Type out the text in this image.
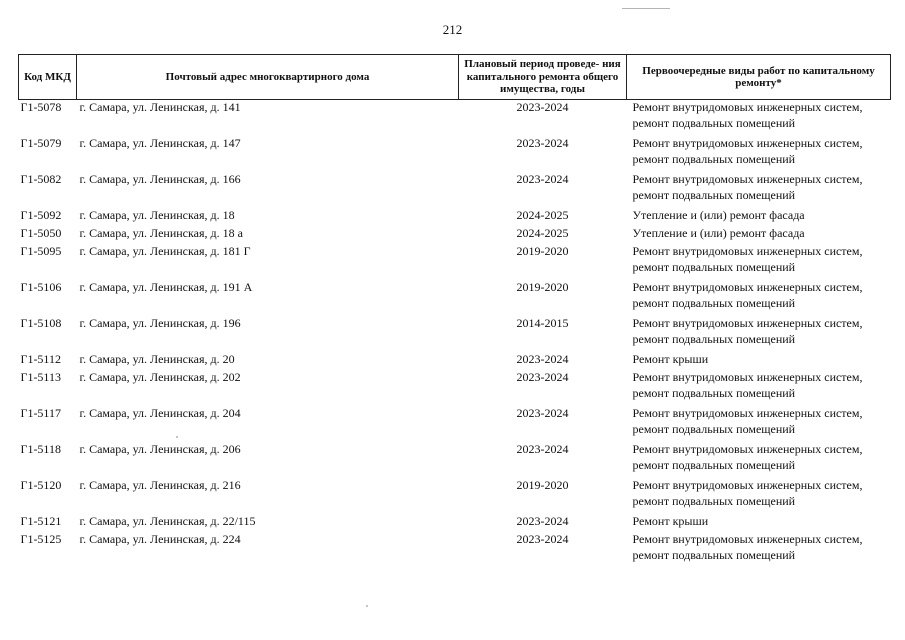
212
Код МКД	Почтовый адрес многоквартирного дома	Плановый период проведе- ния капитального ремонта общего имущества, годы	Первоочередные виды работ по капитальному ремонту*
Г1-5078	г. Самара, ул. Ленинская, д. 141	2023-2024	Ремонт внутридомовых инженерных систем, ремонт подвальных помещений
Г1-5079	г. Самара, ул. Ленинская, д. 147	2023-2024	Ремонт внутридомовых инженерных систем, ремонт подвальных помещений
Г1-5082	г. Самара, ул. Ленинская, д. 166	2023-2024	Ремонт внутридомовых инженерных систем, ремонт подвальных помещений
Г1-5092	г. Самара, ул. Ленинская, д. 18	2024-2025	Утепление и (или) ремонт фасада
Г1-5050	г. Самара, ул. Ленинская, д. 18 а	2024-2025	Утепление и (или) ремонт фасада
Г1-5095	г. Самара, ул. Ленинская, д. 181 Г	2019-2020	Ремонт внутридомовых инженерных систем, ремонт подвальных помещений
Г1-5106	г. Самара, ул. Ленинская, д. 191 А	2019-2020	Ремонт внутридомовых инженерных систем, ремонт подвальных помещений
Г1-5108	г. Самара, ул. Ленинская, д. 196	2014-2015	Ремонт внутридомовых инженерных систем, ремонт подвальных помещений
Г1-5112	г. Самара, ул. Ленинская, д. 20	2023-2024	Ремонт крыши
Г1-5113	г. Самара, ул. Ленинская, д. 202	2023-2024	Ремонт внутридомовых инженерных систем, ремонт подвальных помещений
Г1-5117	г. Самара, ул. Ленинская, д. 204	2023-2024	Ремонт внутридомовых инженерных систем, ремонт подвальных помещений
Г1-5118	г. Самара, ул. Ленинская, д. 206	2023-2024	Ремонт внутридомовых инженерных систем, ремонт подвальных помещений
Г1-5120	г. Самара, ул. Ленинская, д. 216	2019-2020	Ремонт внутридомовых инженерных систем, ремонт подвальных помещений
Г1-5121	г. Самара, ул. Ленинская, д. 22/115	2023-2024	Ремонт крыши
Г1-5125	г. Самара, ул. Ленинская, д. 224	2023-2024	Ремонт внутридомовых инженерных систем, ремонт подвальных помещений
